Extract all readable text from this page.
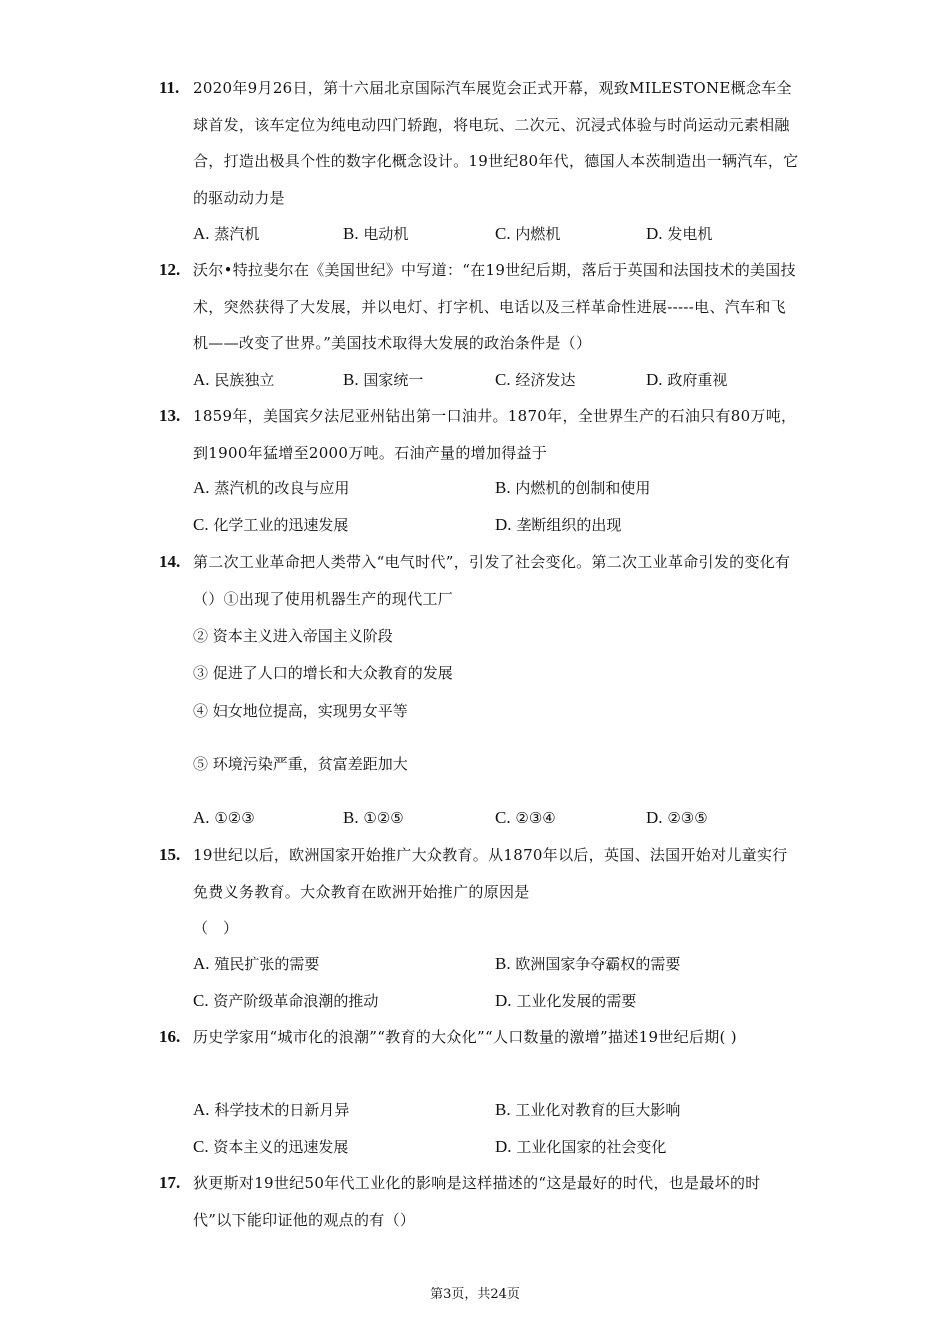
11. 2020年9月26日，第十六届北京国际汽车展览会正式开幕，观致MILESTONE概念车全球首发，该车定位为纯电动四门轿跑，将电玩、二次元、沉浸式体验与时尚运动元素相融合，打造出极具个性的数字化概念设计。19世纪80年代，德国人本茨制造出一辆汽车，它的驱动动力是
A. 蒸汽机	B. 电动机	C. 内燃机	D. 发电机
12. 沃尔•特拉斐尔在《美国世纪》中写道：“在19世纪后期，落后于英国和法国技术的美国技术，突然获得了大发展，并以电灯、打字机、电话以及三样革命性进展-----电、汽车和飞机——改变了世界。”美国技术取得大发展的政治条件是（）
A. 民族独立	B. 国家统一	C. 经济发达	D. 政府重视
13. 1859年，美国宾夕法尼亚州钻出第一口油井。1870年，全世界生产的石油只有80万吨，到1900年猛增至2000万吨。石油产量的增加得益于
A. 蒸汽机的改良与应用	B. 内燃机的创制和使用
C. 化学工业的迅速发展	D. 垄断组织的出现
14. 第二次工业革命把人类带入“电气时代”，引发了社会变化。第二次工业革命引发的变化有（）①出现了使用机器生产的现代工厂
② 资本主义进入帝国主义阶段
③ 促进了人口的增长和大众教育的发展
④ 妇女地位提高，实现男女平等
⑤ 环境污染严重，贫富差距加大
A. ①②③	B. ①②⑤	C. ②③④	D. ②③⑤
15. 19世纪以后，欧洲国家开始推广大众教育。从1870年以后，英国、法国开始对儿童实行免费义务教育。大众教育在欧洲开始推广的原因是
（　）
A. 殖民扩张的需要	B. 欧洲国家争夺霸权的需要
C. 资产阶级革命浪潮的推动	D. 工业化发展的需要
16. 历史学家用“城市化的浪潮”“教育的大众化”“人口数量的激增”描述19世纪后期( )
A. 科学技术的日新月异	B. 工业化对教育的巨大影响
C. 资本主义的迅速发展	D. 工业化国家的社会变化
17. 狄更斯对19世纪50年代工业化的影响是这样描述的“这是最好的时代，也是最坏的时代”以下能印证他的观点的有（）
第3页，共24页
